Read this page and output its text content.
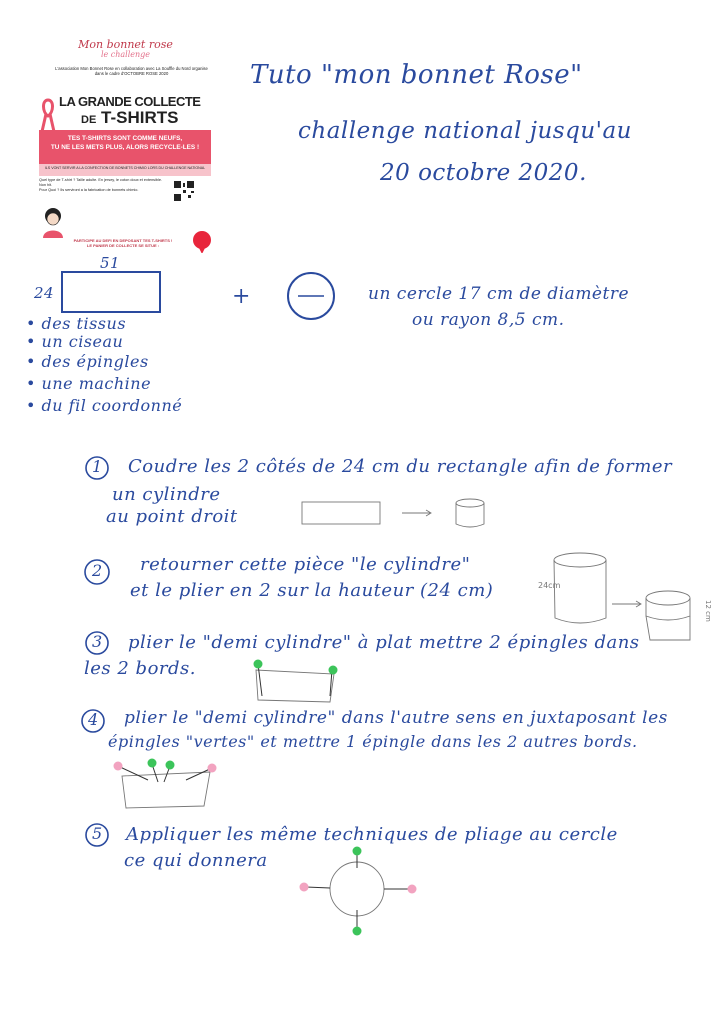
Mon bonnet rose
le challenge
L'association Mon Bonnet Rose en collaboration avec La Souffle du Nord organise dans le cadre d'OCTOBRE ROSE 2020
LA GRANDE COLLECTE
DE T-SHIRTS
TES T-SHIRTS SONT COMME NEUFS,
TU NE LES METS PLUS, ALORS RECYCLE-LES !
ILS VONT SERVIR A LA CONFECTION DE BONNETS CHIMIO LORS DU CHALLENGE NATIONAL
Quel type de T-shirt ? Taille adulte. En jersey, le coton doux et extensible. Non hit.
Pour Quoi ? Ils serviront a la fabrication de bonnets chimio.
PARTICIPE AU DEFI EN DEPOSANT TES T-SHIRTS !
LE PANIER DE COLLECTE SE SITUE :
Tuto "mon bonnet Rose"
challenge national jusqu'au
20 octobre 2020.
51
24	+	un cercle 17 cm de diamètre
ou rayon 8,5 cm.
• des tissus
• un ciseau
• des épingles
• une machine
• du fil coordonné
1 Coudre les 2 côtés de 24 cm du rectangle afin de former
un cylindre
au point droit
2 retourner cette pièce "le cylindre"
et le plier en 2 sur la hauteur (24 cm)
3 plier le "demi cylindre" à plat mettre 2 épingles dans
les 2 bords.
4 plier le "demi cylindre" dans l'autre sens en juxtaposant les
épingles "vertes" et mettre 1 épingle dans les 2 autres bords.
5 Appliquer les même techniques de pliage au cercle
ce qui donnera
24cm
12 cm
